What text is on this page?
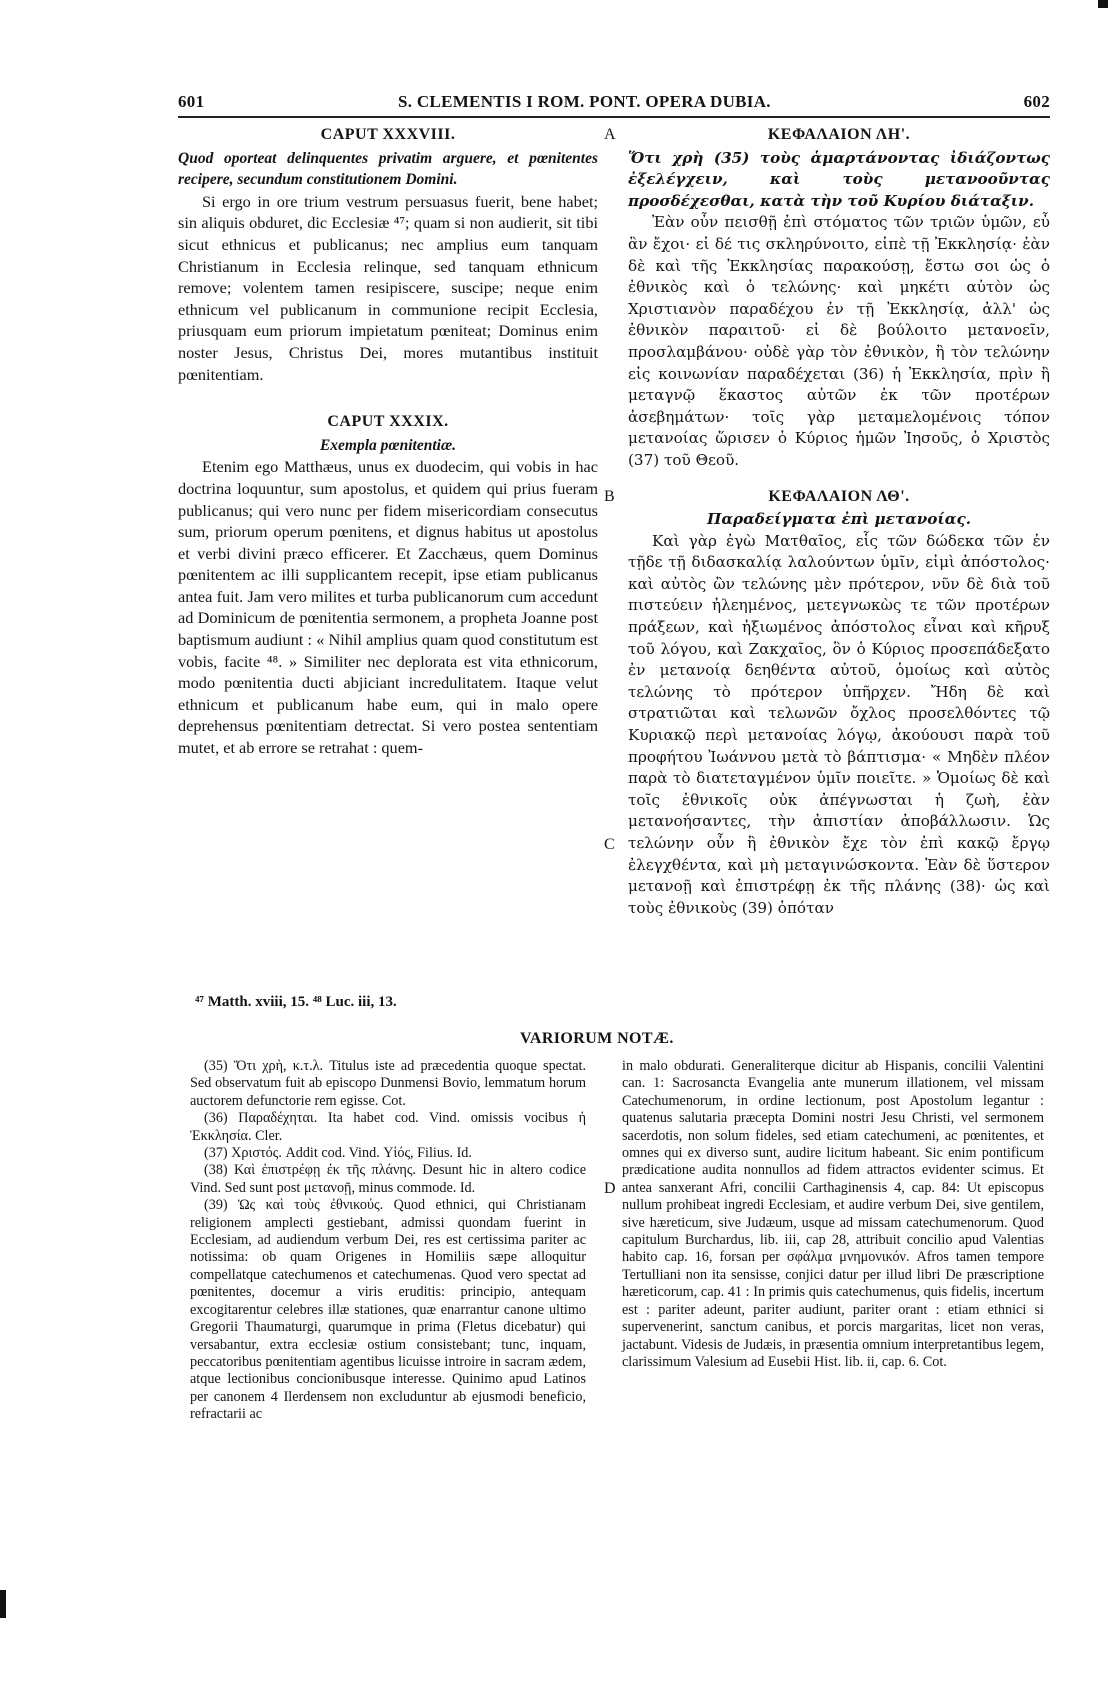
601	S. CLEMENTIS I ROM. PONT. OPERA DUBIA.	602
CAPUT XXXVIII.

Quod oporteat delinquentes privatim arguere, et pœnitentes recipere, secundum constitutionem Domini.

Si ergo in ore trium vestrum persuasus fuerit, bene habet; sin aliquis obduret, dic Ecclesiæ ⁴⁷; quam si non audierit, sit tibi sicut ethnicus et publicanus; nec amplius eum tanquam Christianum in Ecclesia relinque, sed tanquam ethnicum remove; volentem tamen resipiscere, suscipe; neque enim ethnicum vel publicanum in communione recipit Ecclesia, priusquam eum priorum impietatum pœniteat; Dominus enim noster Jesus, Christus Dei, mores mutantibus instituit pœnitentiam.

CAPUT XXXIX.

Exempla pœnitentiæ.

Etenim ego Matthæus, unus ex duodecim, qui vobis in hac doctrina loquuntur, sum apostolus, et quidem qui prius fueram publicanus; qui vero nunc per fidem misericordiam consecutus sum, priorum operum pœnitens, et dignus habitus ut apostolus et verbi divini præco efficerer. Et Zacchæus, quem Dominus pœnitentem ac illi supplicantem recepit, ipse etiam publicanus antea fuit. Jam vero milites et turba publicanorum cum accedunt ad Dominicum de pœnitentia sermonem, a propheta Joanne post baptismum audiunt : « Nihil amplius quam quod constitutum est vobis, facite ⁴⁸. » Similiter nec deplorata est vita ethnicorum, modo pœnitentia ducti abjiciant incredulitatem. Itaque velut ethnicum et publicanum habe eum, qui in malo opere deprehensus pœnitentiam detrectat. Si vero postea sententiam mutet, et ab errore se retrahat : quem-

ΚΕΦΑΛΑΙΟΝ ΛΗ'.

Ὅτι χρὴ (35) τοὺς ἁμαρτάνοντας ἰδιάζοντως ἐξελέγχειν, καὶ τοὺς μετανοοῦντας προσδέχεσθαι, κατὰ τὴν τοῦ Κυρίου διάταξιν.

Ἐὰν οὖν πεισθῇ ἐπὶ στόματος τῶν τριῶν ὑμῶν, εὖ ἂν ἔχοι· εἰ δέ τις σκληρύνοιτο, εἰπὲ τῇ Ἐκκλησίᾳ· ἐὰν δὲ καὶ τῆς Ἐκκλησίας παρακούσῃ, ἔστω σοι ὡς ὁ ἐθνικὸς καὶ ὁ τελώνης· καὶ μηκέτι αὐτὸν ὡς Χριστιανὸν παραδέχου ἐν τῇ Ἐκκλησίᾳ, ἀλλ' ὡς ἐθνικὸν παραιτοῦ· εἰ δὲ βούλοιτο μετανοεῖν, προσλαμβάνου· οὐδὲ γὰρ τὸν ἐθνικὸν, ἢ τὸν τελώνην εἰς κοινωνίαν παραδέχεται (36) ἡ Ἐκκλησία, πρὶν ἢ μεταγνῷ ἕκαστος αὐτῶν ἐκ τῶν προτέρων ἀσεβημάτων· τοῖς γὰρ μεταμελομένοις τόπον μετανοίας ὥρισεν ὁ Κύριος ἡμῶν Ἰησοῦς, ὁ Χριστὸς (37) τοῦ Θεοῦ.

ΚΕΦΑΛΑΙΟΝ ΛΘ'.

Παραδείγματα ἐπὶ μετανοίας.

Καὶ γὰρ ἐγὼ Ματθαῖος, εἷς τῶν δώδεκα τῶν ἐν τῇδε τῇ διδασκαλίᾳ λαλούντων ὑμῖν, εἰμὶ ἀπόστολος· καὶ αὐτὸς ὢν τελώνης μὲν πρότερον, νῦν δὲ διὰ τοῦ πιστεύειν ἠλεημένος, μετεγνωκὼς τε τῶν προτέρων πράξεων, καὶ ἠξιωμένος ἀπόστολος εἶναι καὶ κῆρυξ τοῦ λόγου, καὶ Ζακχαῖος, ὃν ὁ Κύριος προσεπάδεξατο ἐν μετανοίᾳ δεηθέντα αὐτοῦ, ὁμοίως καὶ αὐτὸς τελώνης τὸ πρότερον ὑπῆρχεν. Ἤδη δὲ καὶ στρατιῶται καὶ τελωνῶν ὄχλος προσελθόντες τῷ Κυριακῷ περὶ μετανοίας λόγῳ, ἀκούουσι παρὰ τοῦ προφήτου Ἰωάννου μετὰ τὸ βάπτισμα· « Μηδὲν πλέον παρὰ τὸ διατεταγμένον ὑμῖν ποιεῖτε. » Ὁμοίως δὲ καὶ τοῖς ἐθνικοῖς οὐκ ἀπέγνωσται ἡ ζωὴ, ἐὰν μετανοήσαντες, τὴν ἀπιστίαν ἀποβάλλωσιν. Ὡς τελώνην οὖν ἢ ἐθνικὸν ἔχε τὸν ἐπὶ κακῷ ἔργῳ ἐλεγχθέντα, καὶ μὴ μεταγινώσκοντα. Ἐὰν δὲ ὕστερον μετανοῇ καὶ ἐπιστρέφῃ ἐκ τῆς πλάνης (38)· ὡς καὶ τοὺς ἐθνικοὺς (39) ὁπόταν

A
B
C
D
⁴⁷ Matth. xviii, 15. ⁴⁸ Luc. iii, 13.
VARIORUM NOTÆ.

(35) Ὅτι χρὴ, κ.τ.λ. Titulus iste ad præcedentia quoque spectat. Sed observatum fuit ab episcopo Dunmensi Bovio, lemmatum horum auctorem defunctorie rem egisse. Cot.

(36) Παραδέχηται. Ita habet cod. Vind. omissis vocibus ἡ Ἐκκλησία. Cler.

(37) Χριστός. Addit cod. Vind. Υἱός, Filius. Id.

(38) Καὶ ἐπιστρέφῃ ἐκ τῆς πλάνης. Desunt hic in altero codice Vind. Sed sunt post μετανοῇ, minus commode. Id.

(39) Ὡς καὶ τοὺς ἐθνικούς. Quod ethnici, qui Christianam religionem amplecti gestiebant, admissi quondam fuerint in Ecclesiam, ad audiendum verbum Dei, res est certissima pariter ac notissima: ob quam Origenes in Homiliis sæpe alloquitur compellatque catechumenos et catechumenas. Quod vero spectat ad pœnitentes, docemur a viris eruditis: principio, antequam excogitarentur celebres illæ stationes, quæ enarrantur canone ultimo Gregorii Thaumaturgi, quarumque in prima (Fletus dicebatur) qui versabantur, extra ecclesiæ ostium consistebant; tunc, inquam, peccatoribus pœnitentiam agentibus licuisse introire in sacram ædem, atque lectionibus concionibusque interesse. Quinimo apud Latinos per canonem 4 Ilerdensem non excluduntur ab ejusmodi beneficio, refractarii ac

in malo obdurati. Generaliterque dicitur ab Hispanis, concilii Valentini can. 1: Sacrosancta Evangelia ante munerum illationem, vel missam Catechumenorum, in ordine lectionum, post Apostolum legantur : quatenus salutaria præcepta Domini nostri Jesu Christi, vel sermonem sacerdotis, non solum fideles, sed etiam catechumeni, ac pœnitentes, et omnes qui ex diverso sunt, audire licitum habeant. Sic enim pontificum prædicatione audita nonnullos ad fidem attractos evidenter scimus. Et antea sanxerant Afri, concilii Carthaginensis 4, cap. 84: Ut episcopus nullum prohibeat ingredi Ecclesiam, et audire verbum Dei, sive gentilem, sive hæreticum, sive Judæum, usque ad missam catechumenorum. Quod capitulum Burchardus, lib. iii, cap 28, attribuit concilio apud Valentias habito cap. 16, forsan per σφάλμα μνημονικόν. Afros tamen tempore Tertulliani non ita sensisse, conjici datur per illud libri De præscriptione hæreticorum, cap. 41 : In primis quis catechumenus, quis fidelis, incertum est : pariter adeunt, pariter audiunt, pariter orant : etiam ethnici si supervenerint, sanctum canibus, et porcis margaritas, licet non veras, jactabunt. Videsis de Judæis, in præsentia omnium interpretantibus legem, clarissimum Valesium ad Eusebii Hist. lib. ii, cap. 6. Cot.
